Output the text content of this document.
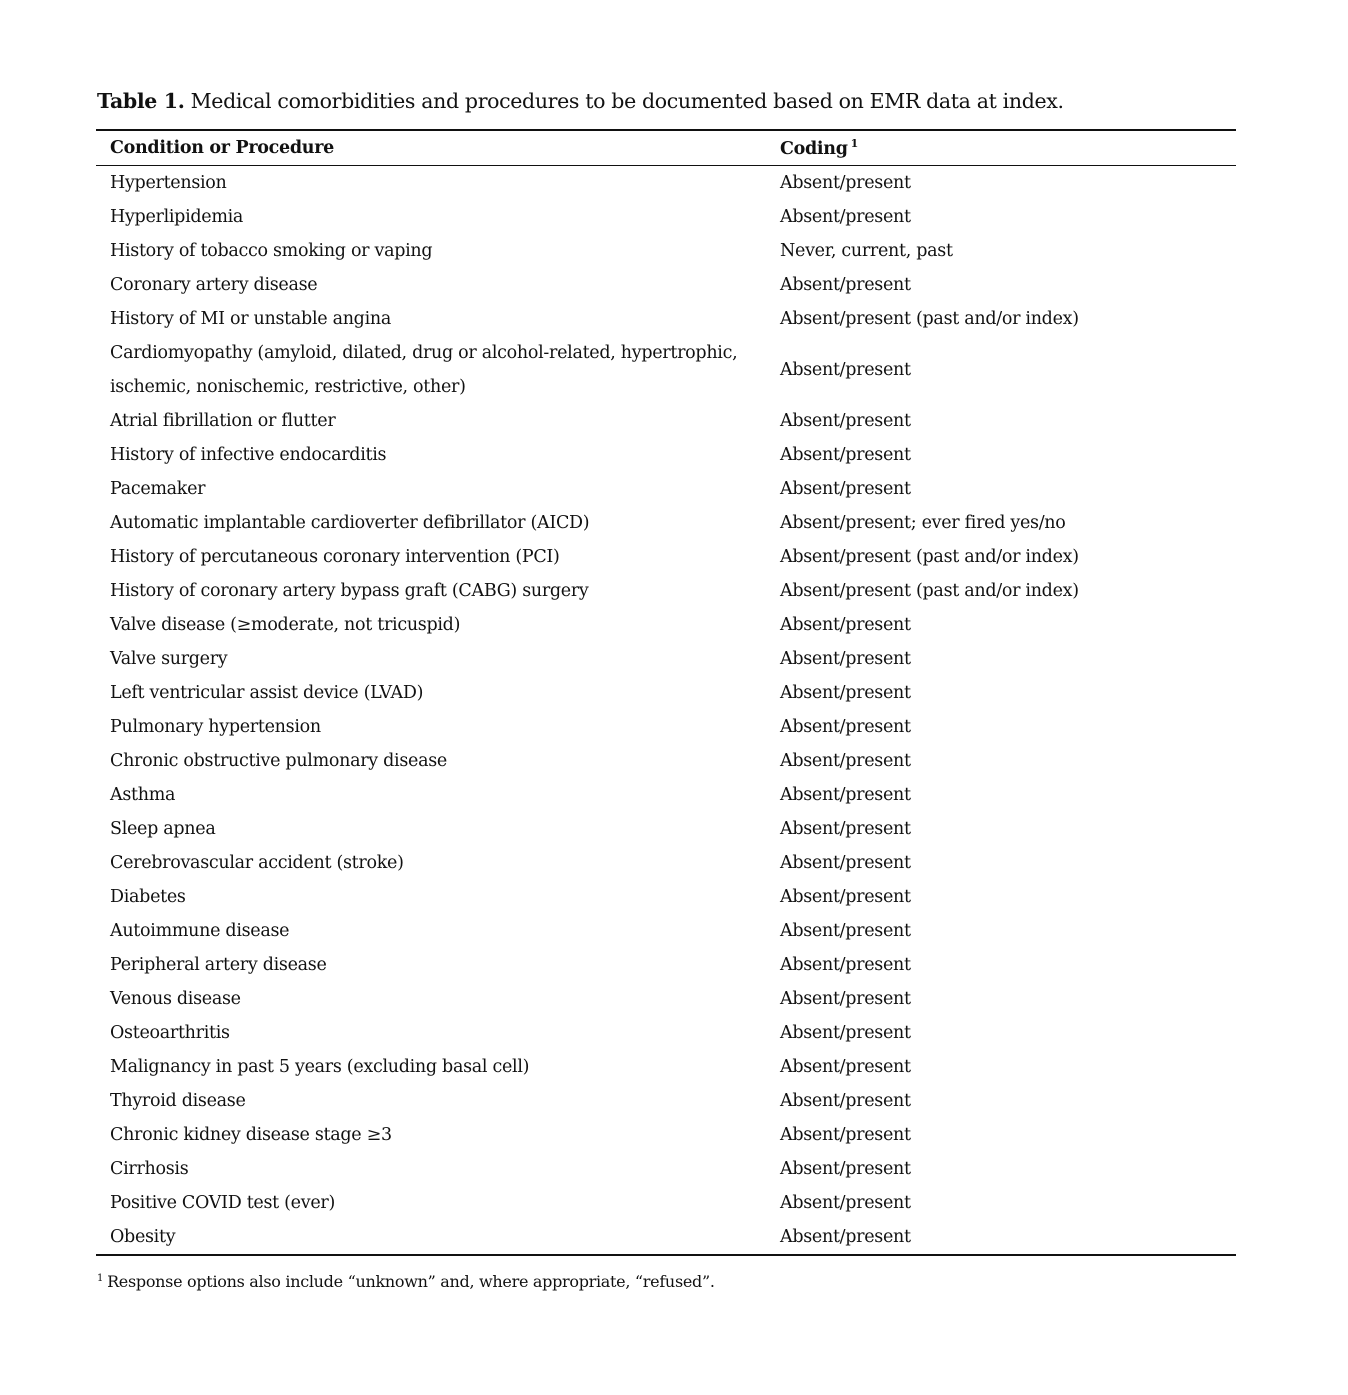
Table 1. Medical comorbidities and procedures to be documented based on EMR data at index.
Condition or Procedure	Coding $^1$
Hypertension	Absent/present
Hyperlipidemia	Absent/present
History of tobacco smoking or vaping	Never, current, past
Coronary artery disease	Absent/present
History of MI or unstable angina	Absent/present (past and/or index)
Cardiomyopathy (amyloid, dilated, drug or alcohol-related, hypertrophic, ischemic, nonischemic, restrictive, other)	Absent/present
Atrial fibrillation or flutter	Absent/present
History of infective endocarditis	Absent/present
Pacemaker	Absent/present
Automatic implantable cardioverter defibrillator (AICD)	Absent/present; ever fired yes/no
History of percutaneous coronary intervention (PCI)	Absent/present (past and/or index)
History of coronary artery bypass graft (CABG) surgery	Absent/present (past and/or index)
Valve disease (≥moderate, not tricuspid)	Absent/present
Valve surgery	Absent/present
Left ventricular assist device (LVAD)	Absent/present
Pulmonary hypertension	Absent/present
Chronic obstructive pulmonary disease	Absent/present
Asthma	Absent/present
Sleep apnea	Absent/present
Cerebrovascular accident (stroke)	Absent/present
Diabetes	Absent/present
Autoimmune disease	Absent/present
Peripheral artery disease	Absent/present
Venous disease	Absent/present
Osteoarthritis	Absent/present
Malignancy in past 5 years (excluding basal cell)	Absent/present
Thyroid disease	Absent/present
Chronic kidney disease stage ≥3	Absent/present
Cirrhosis	Absent/present
Positive COVID test (ever)	Absent/present
Obesity	Absent/present
$^1$ Response options also include “unknown” and, where appropriate, “refused”.
